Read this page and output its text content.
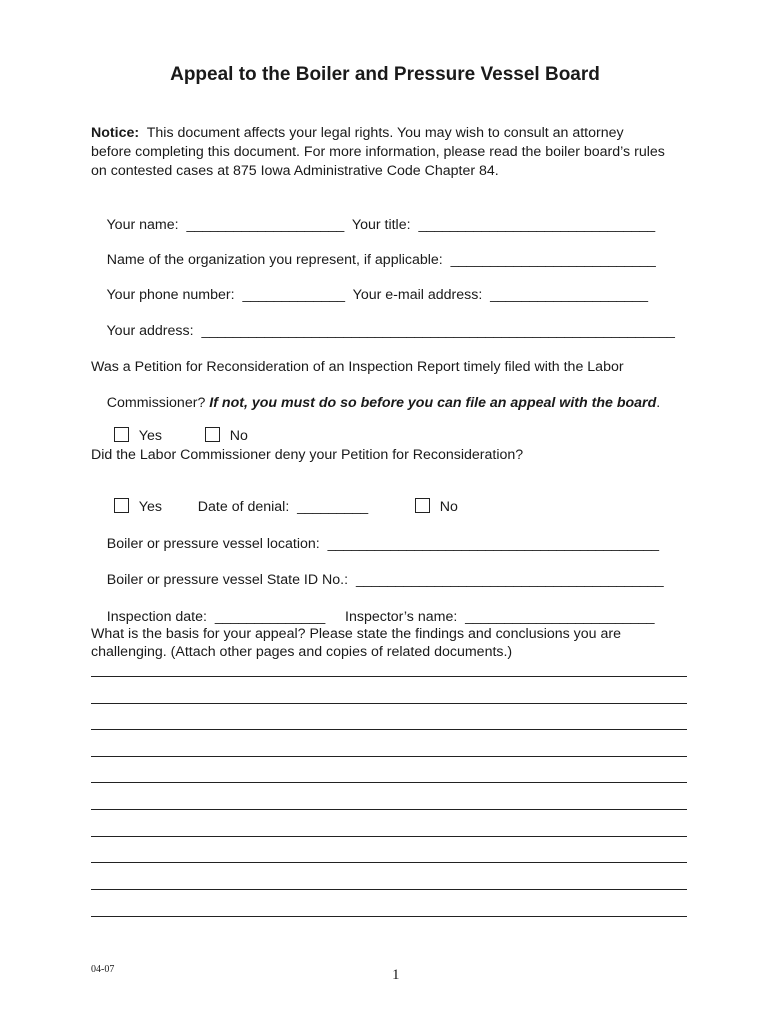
Appeal to the Boiler and Pressure Vessel Board
Notice: This document affects your legal rights. You may wish to consult an attorney
before completing this document. For more information, please read the boiler board’s rules
on contested cases at 875 Iowa Administrative Code Chapter 84.

Your name: ____________________ Your title: ______________________________

Name of the organization you represent, if applicable: __________________________

Your phone number: _____________ Your e-mail address: ____________________

Your address: ____________________________________________________________

Was a Petition for Reconsideration of an Inspection Report timely filed with the Labor

Commissioner? If not, you must do so before you can file an appeal with the board.

Yes
	No

Did the Labor Commissioner deny your Petition for Reconsideration?

Yes
	Date of denial: _________
	No

Boiler or pressure vessel location: __________________________________________

Boiler or pressure vessel State ID No.: _______________________________________

Inspection date: ______________ Inspector’s name: ________________________

What is the basis for your appeal? Please state the findings and conclusions you are
challenging. (Attach other pages and copies of related documents.)
04-07	1
